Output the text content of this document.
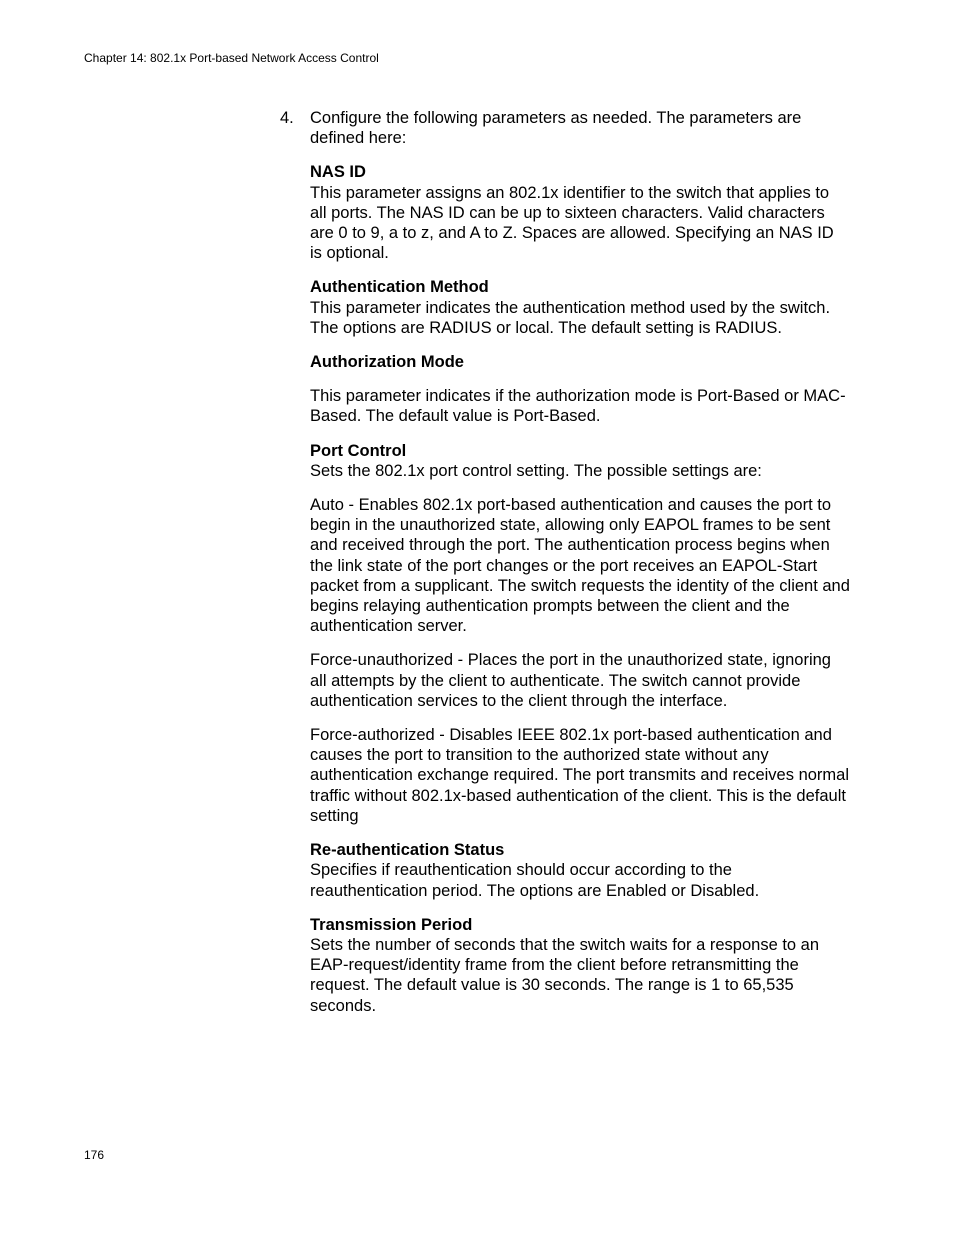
Chapter 14: 802.1x Port-based Network Access Control
4. Configure the following parameters as needed. The parameters are defined here:

NAS ID

This parameter assigns an 802.1x identifier to the switch that applies to all ports. The NAS ID can be up to sixteen characters. Valid characters are 0 to 9, a to z, and A to Z. Spaces are allowed. Specifying an NAS ID is optional.

Authentication Method

This parameter indicates the authentication method used by the switch. The options are RADIUS or local. The default setting is RADIUS.

Authorization Mode

This parameter indicates if the authorization mode is Port-Based or MAC-Based. The default value is Port-Based.

Port Control

Sets the 802.1x port control setting. The possible settings are:

Auto - Enables 802.1x port-based authentication and causes the port to begin in the unauthorized state, allowing only EAPOL frames to be sent and received through the port. The authentication process begins when the link state of the port changes or the port receives an EAPOL-Start packet from a supplicant. The switch requests the identity of the client and begins relaying authentication prompts between the client and the authentication server.

Force-unauthorized - Places the port in the unauthorized state, ignoring all attempts by the client to authenticate. The switch cannot provide authentication services to the client through the interface.

Force-authorized - Disables IEEE 802.1x port-based authentication and causes the port to transition to the authorized state without any authentication exchange required. The port transmits and receives normal traffic without 802.1x-based authentication of the client. This is the default setting

Re-authentication Status

Specifies if reauthentication should occur according to the reauthentication period. The options are Enabled or Disabled.

Transmission Period

Sets the number of seconds that the switch waits for a response to an EAP-request/identity frame from the client before retransmitting the request. The default value is 30 seconds. The range is 1 to 65,535 seconds.

176
